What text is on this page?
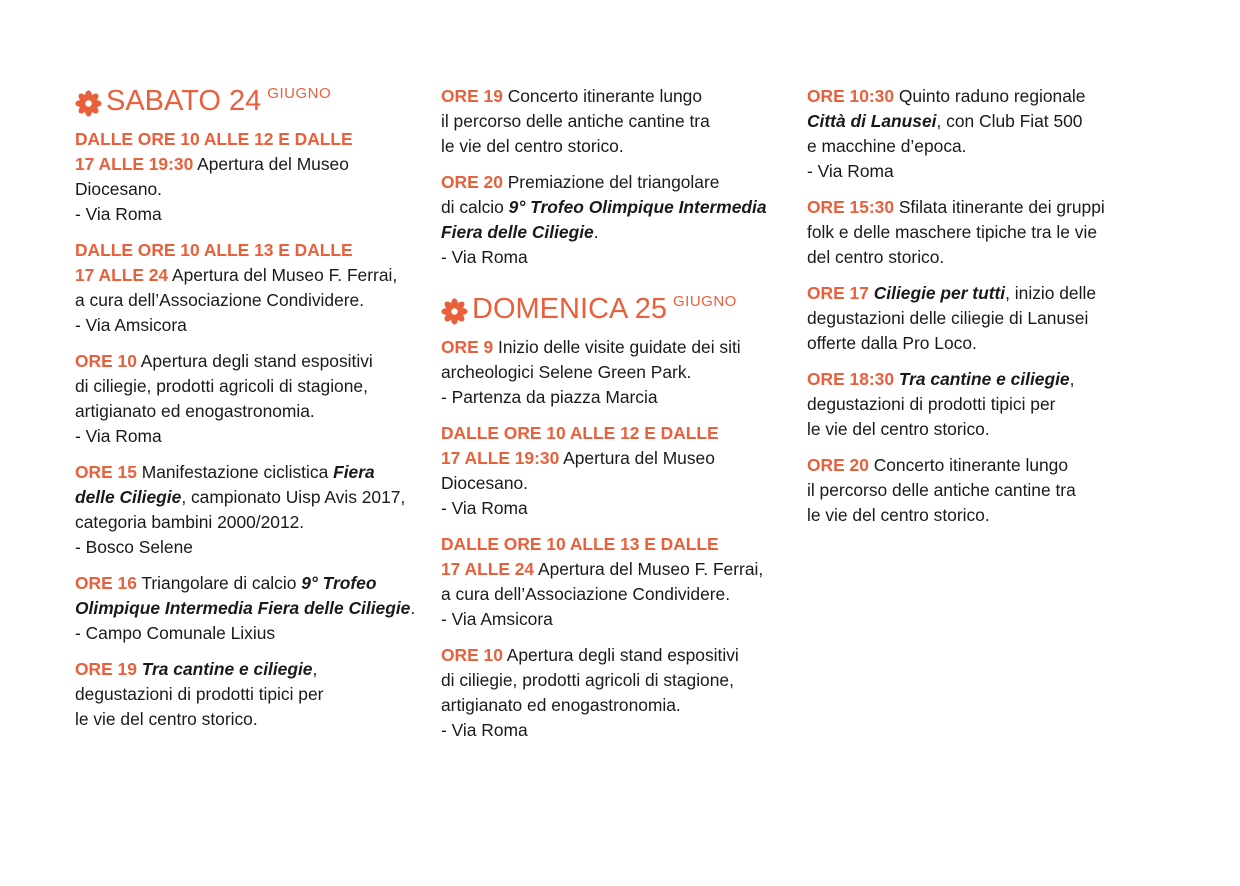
SABATO 24 GIUGNO

DALLE ORE 10 ALLE 12 E DALLE

17 ALLE 19:30 Apertura del Museo

Diocesano.

- Via Roma

DALLE ORE 10 ALLE 13 E DALLE

17 ALLE 24 Apertura del Museo F. Ferrai,

a cura dell’Associazione Condividere.

- Via Amsicora

ORE 10 Apertura degli stand espositivi

di ciliegie, prodotti agricoli di stagione,

artigianato ed enogastronomia.

- Via Roma

ORE 15 Manifestazione ciclistica Fiera

delle Ciliegie, campionato Uisp Avis 2017,

categoria bambini 2000/2012.

- Bosco Selene

ORE 16 Triangolare di calcio 9° Trofeo

Olimpique Intermedia Fiera delle Ciliegie.

- Campo Comunale Lixius

ORE 19 Tra cantine e ciliegie,

degustazioni di prodotti tipici per

le vie del centro storico.

ORE 19 Concerto itinerante lungo

il percorso delle antiche cantine tra

le vie del centro storico.

ORE 20 Premiazione del triangolare

di calcio 9° Trofeo Olimpique Intermedia

Fiera delle Ciliegie.

- Via Roma

DOMENICA 25 GIUGNO

ORE 9 Inizio delle visite guidate dei siti

archeologici Selene Green Park.

- Partenza da piazza Marcia

DALLE ORE 10 ALLE 12 E DALLE

17 ALLE 19:30 Apertura del Museo

Diocesano.

- Via Roma

DALLE ORE 10 ALLE 13 E DALLE

17 ALLE 24 Apertura del Museo F. Ferrai,

a cura dell’Associazione Condividere.

- Via Amsicora

ORE 10 Apertura degli stand espositivi

di ciliegie, prodotti agricoli di stagione,

artigianato ed enogastronomia.

- Via Roma

ORE 10:30 Quinto raduno regionale

Città di Lanusei, con Club Fiat 500

e macchine d’epoca.

- Via Roma

ORE 15:30 Sfilata itinerante dei gruppi

folk e delle maschere tipiche tra le vie

del centro storico.

ORE 17 Ciliegie per tutti, inizio delle

degustazioni delle ciliegie di Lanusei

offerte dalla Pro Loco.

ORE 18:30 Tra cantine e ciliegie,

degustazioni di prodotti tipici per

le vie del centro storico.

ORE 20 Concerto itinerante lungo

il percorso delle antiche cantine tra

le vie del centro storico.
